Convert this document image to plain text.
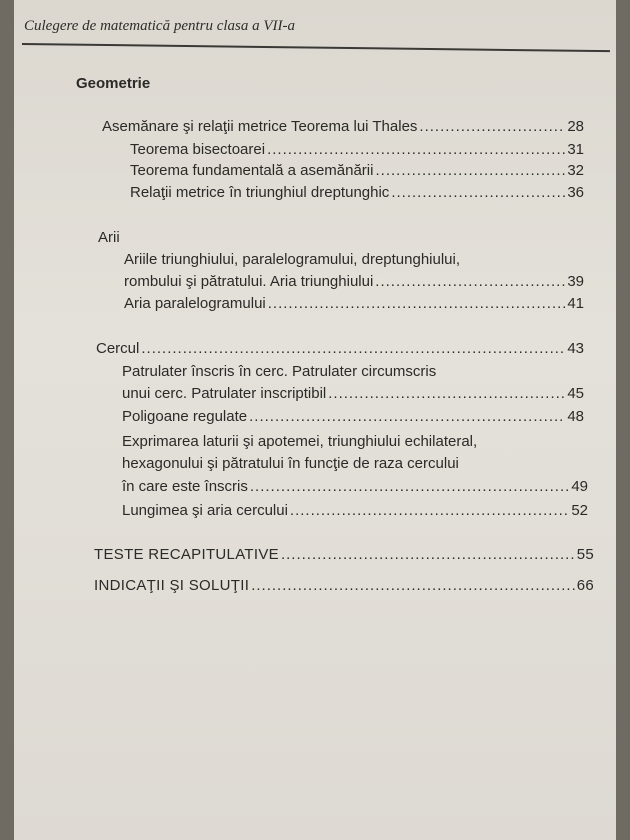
Culegere de matematică pentru clasa a VII-a
Geometrie
Asemănare şi relaţii metrice Teorema lui Thales .....	28
Teorema bisectoarei .....	31
Teorema fundamentală a asemănării .....	32
Relaţii metrice în triunghiul dreptunghic .....	36
Arii
Ariile triunghiului, paralelogramului, dreptunghiului,
rombului şi pătratului. Aria triunghiului .....	39
Aria paralelogramului .....	41
Cercul .....	43
Patrulater înscris în cerc. Patrulater circumscris
unui cerc. Patrulater inscriptibil .....	45
Poligoane regulate .....	48
Exprimarea laturii şi apotemei, triunghiului echilateral,
hexagonului şi pătratului în funcţie de raza cercului
în care este înscris .....	49
Lungimea şi aria cercului .....	52
TESTE RECAPITULATIVE .....	55
INDICAŢII ŞI SOLUŢII .....	66
